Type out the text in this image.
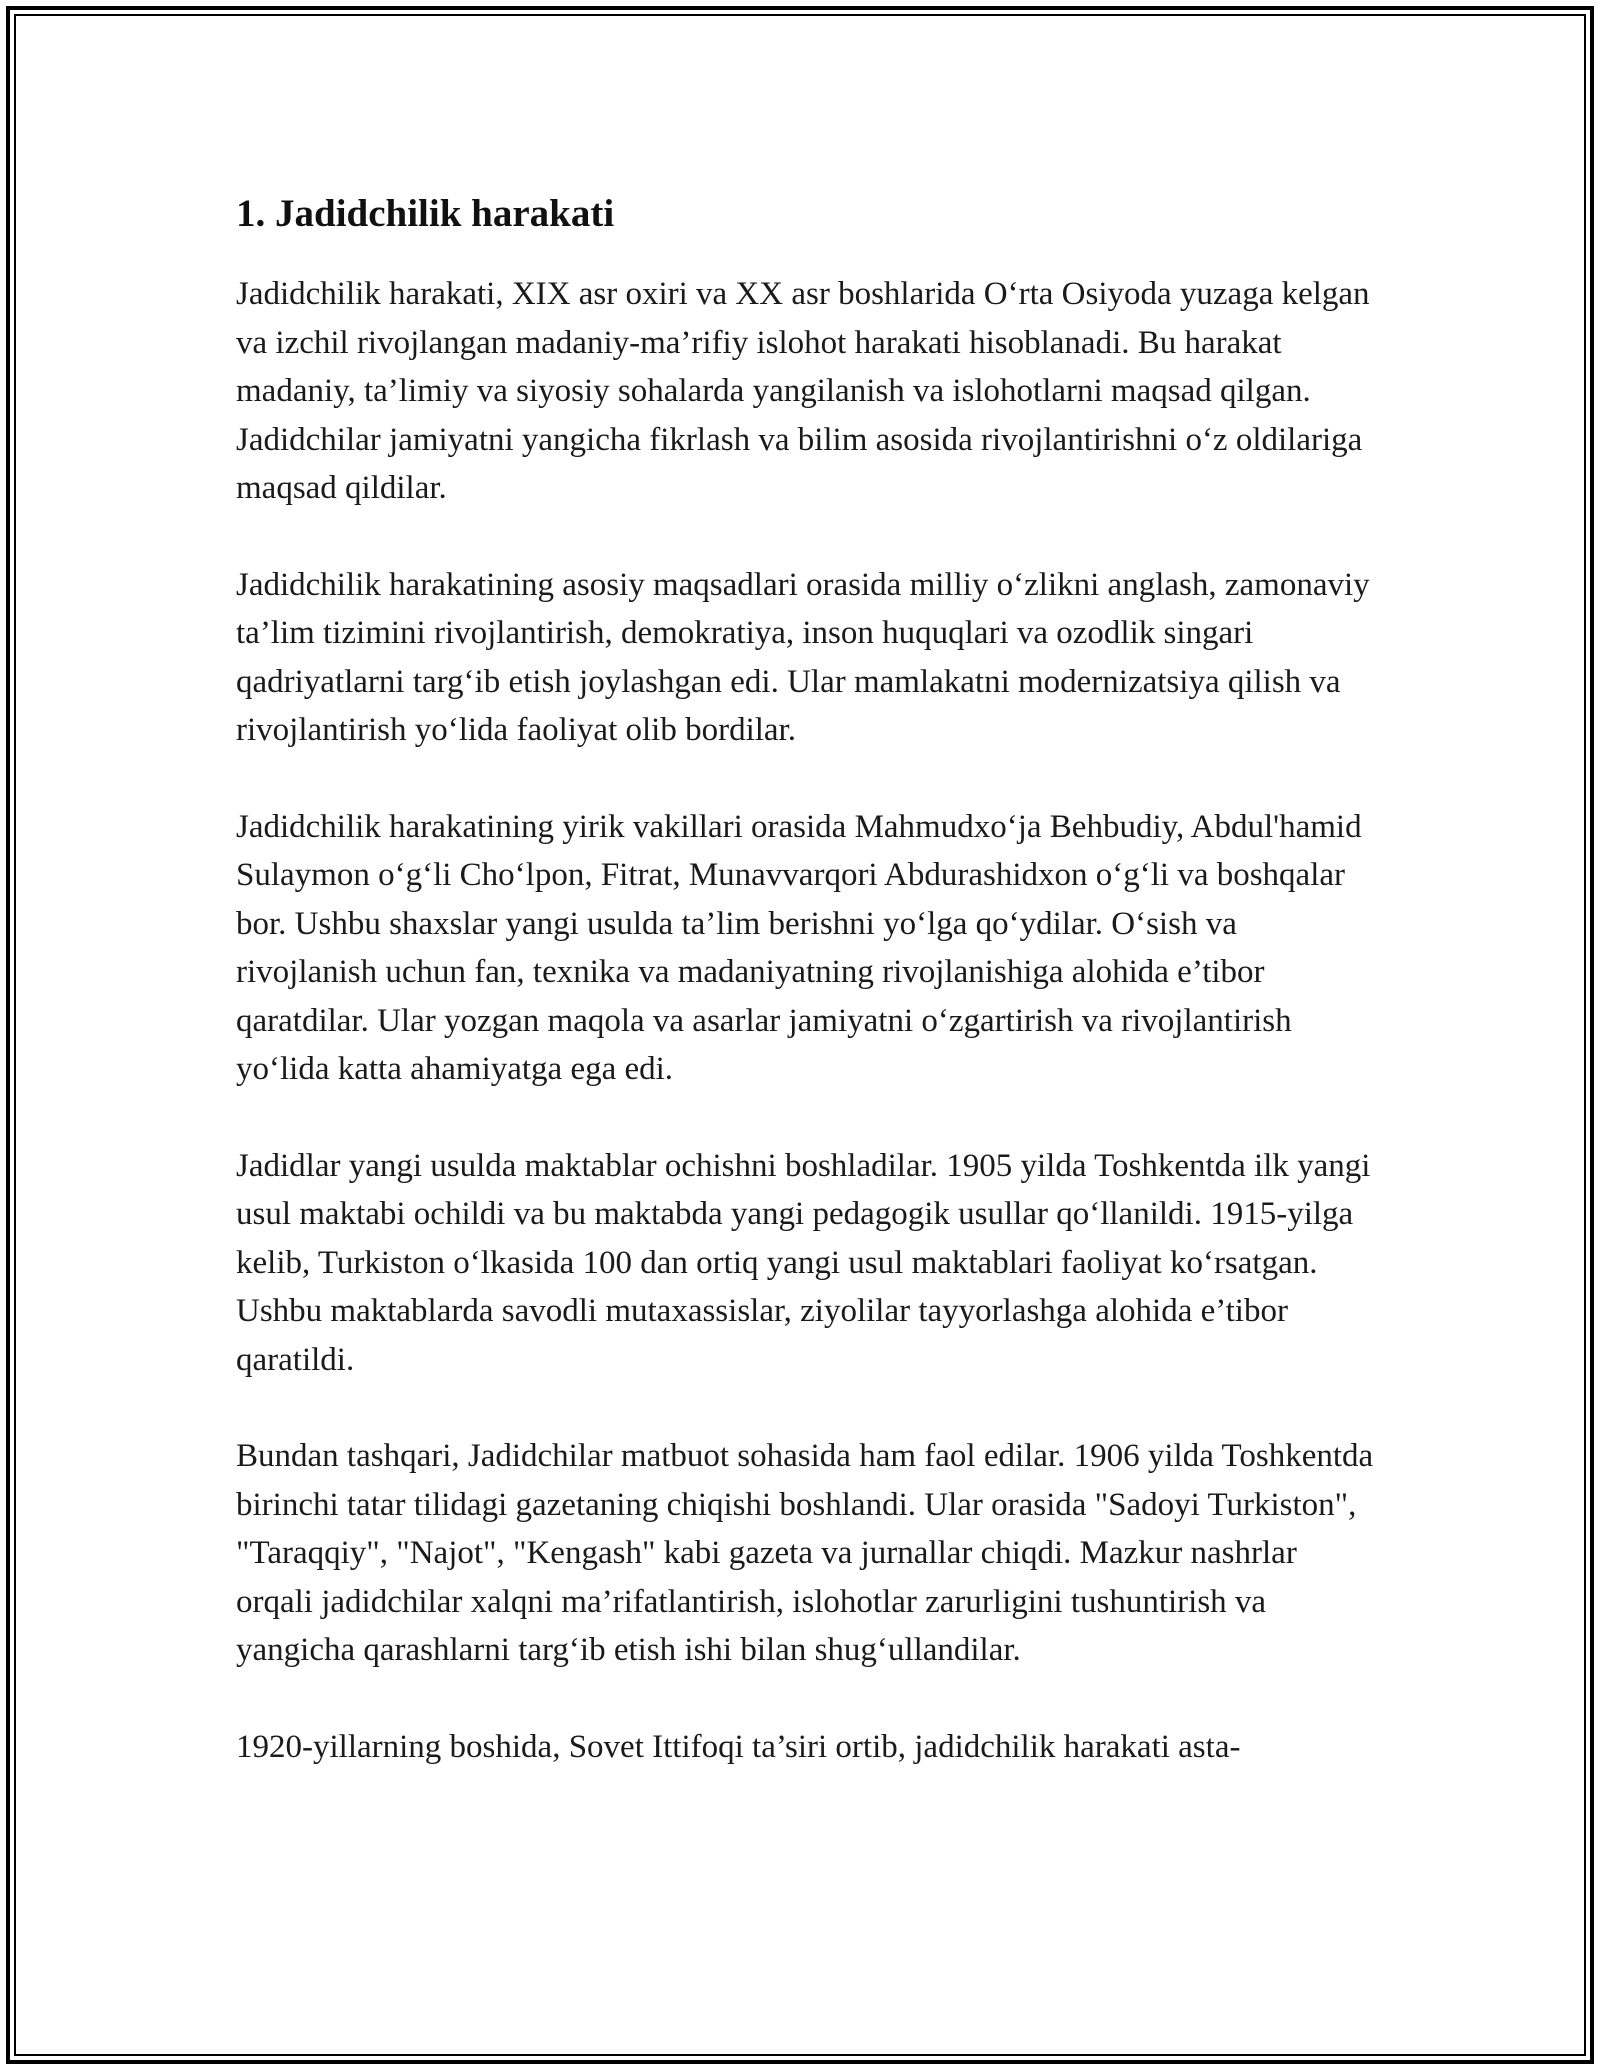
1. Jadidchilik harakati

Jadidchilik harakati, XIX asr oxiri va XX asr boshlarida O‘rta Osiyoda yuzaga kelgan va izchil rivojlangan madaniy-ma’rifiy islohot harakati hisoblanadi. Bu harakat madaniy, ta’limiy va siyosiy sohalarda yangilanish va islohotlarni maqsad qilgan. Jadidchilar jamiyatni yangicha fikrlash va bilim asosida rivojlantirishni o‘z oldilariga maqsad qildilar.

Jadidchilik harakatining asosiy maqsadlari orasida milliy o‘zlikni anglash, zamonaviy ta’lim tizimini rivojlantirish, demokratiya, inson huquqlari va ozodlik singari qadriyatlarni targ‘ib etish joylashgan edi. Ular mamlakatni modernizatsiya qilish va rivojlantirish yo‘lida faoliyat olib bordilar.

Jadidchilik harakatining yirik vakillari orasida Mahmudxo‘ja Behbudiy, Abdul'hamid Sulaymon o‘g‘li Cho‘lpon, Fitrat, Munavvarqori Abdurashidxon o‘g‘li va boshqalar bor. Ushbu shaxslar yangi usulda ta’lim berishni yo‘lga qo‘ydilar. O‘sish va rivojlanish uchun fan, texnika va madaniyatning rivojlanishiga alohida e’tibor qaratdilar. Ular yozgan maqola va asarlar jamiyatni o‘zgartirish va rivojlantirish yo‘lida katta ahamiyatga ega edi.

Jadidlar yangi usulda maktablar ochishni boshladilar. 1905 yilda Toshkentda ilk yangi usul maktabi ochildi va bu maktabda yangi pedagogik usullar qo‘llanildi. 1915-yilga kelib, Turkiston o‘lkasida 100 dan ortiq yangi usul maktablari faoliyat ko‘rsatgan. Ushbu maktablarda savodli mutaxassislar, ziyolilar tayyorlashga alohida e’tibor qaratildi.

Bundan tashqari, Jadidchilar matbuot sohasida ham faol edilar. 1906 yilda Toshkentda birinchi tatar tilidagi gazetaning chiqishi boshlandi. Ular orasida "Sadoyi Turkiston", "Taraqqiy", "Najot", "Kengash" kabi gazeta va jurnallar chiqdi. Mazkur nashrlar orqali jadidchilar xalqni ma’rifatlantirish, islohotlar zarurligini tushuntirish va yangicha qarashlarni targ‘ib etish ishi bilan shug‘ullandilar.

1920-yillarning boshida, Sovet Ittifoqi ta’siri ortib, jadidchilik harakati asta-
